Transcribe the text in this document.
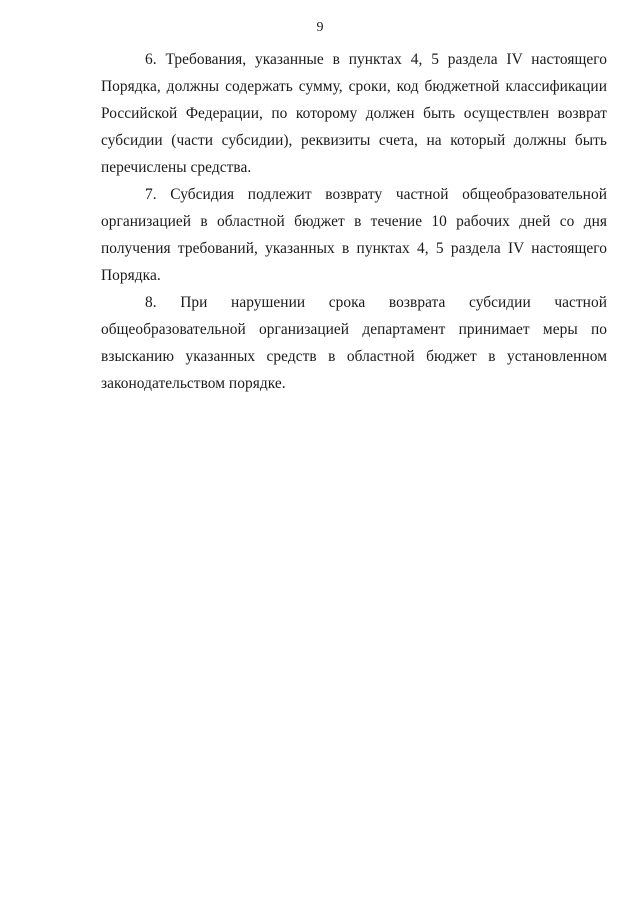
9

6. Требования, указанные в пунктах 4, 5 раздела IV настоящего Порядка, должны содержать сумму, сроки, код бюджетной классификации Российской Федерации, по которому должен быть осуществлен возврат субсидии (части субсидии), реквизиты счета, на который должны быть перечислены средства.

7. Субсидия подлежит возврату частной общеобразовательной организацией в областной бюджет в течение 10 рабочих дней со дня получения требований, указанных в пунктах 4, 5 раздела IV настоящего Порядка.

8. При нарушении срока возврата субсидии частной общеобразовательной организацией департамент принимает меры по взысканию указанных средств в областной бюджет в установленном законодательством порядке.
